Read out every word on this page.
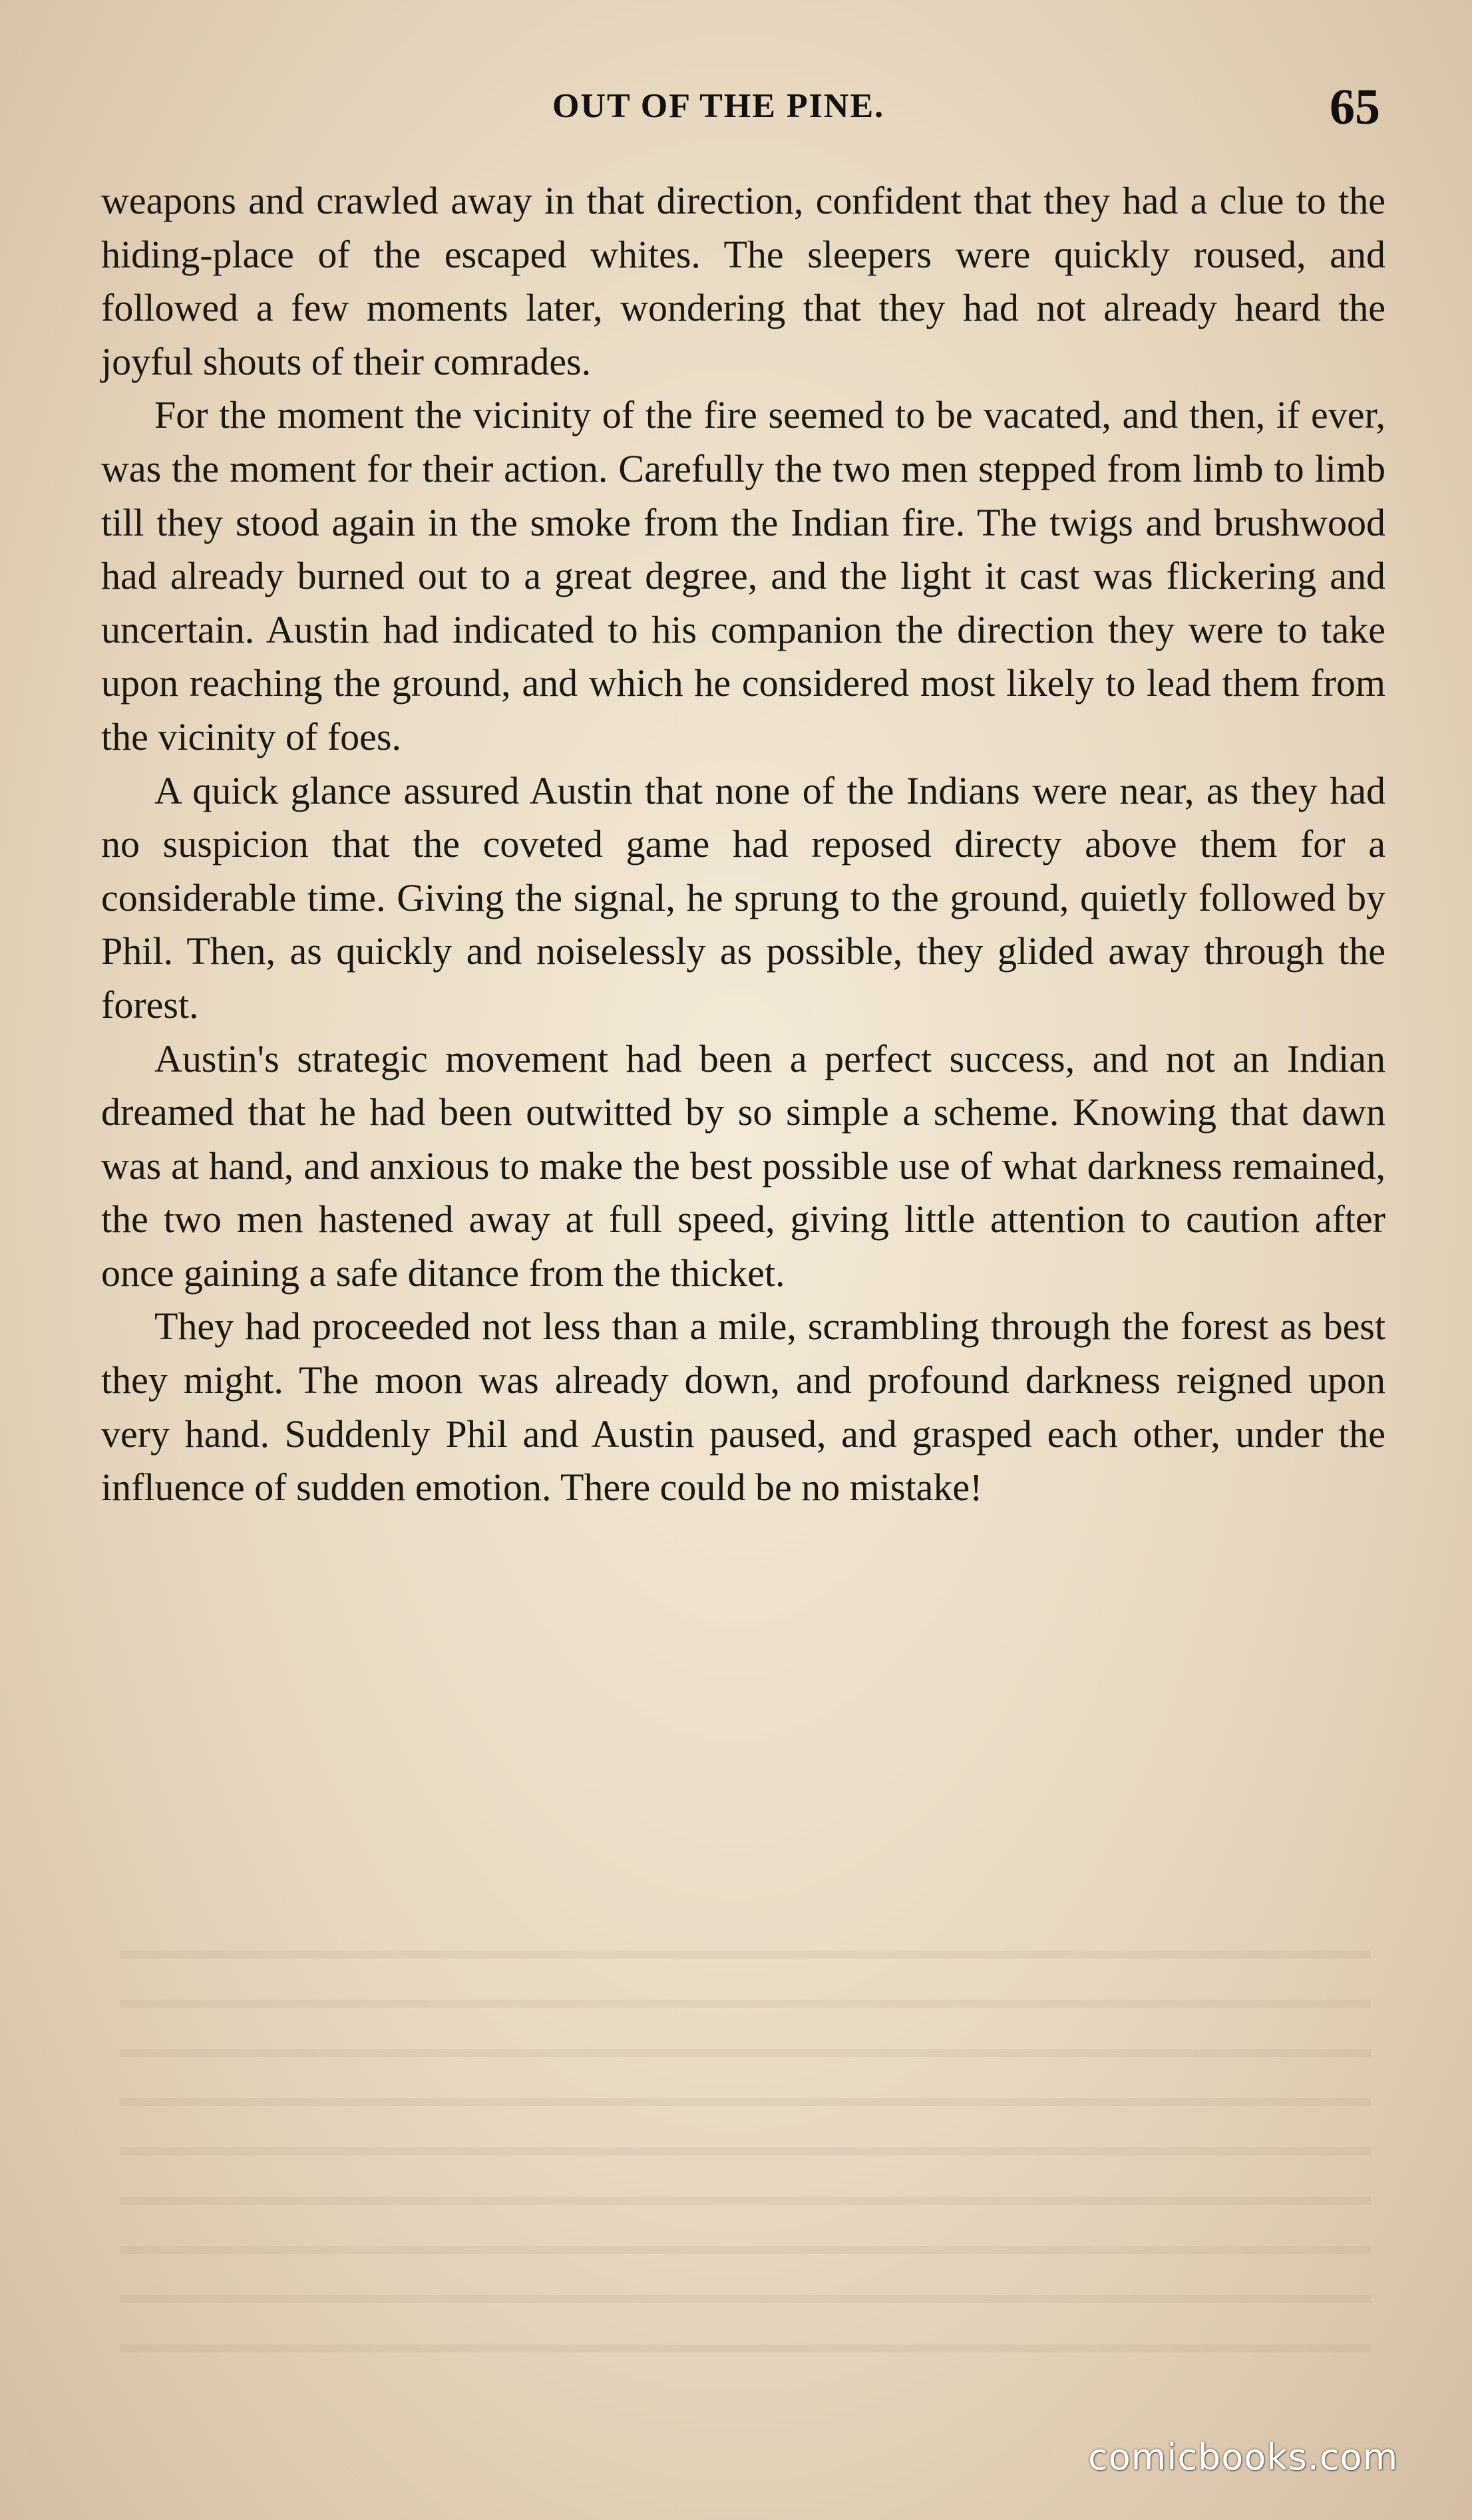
OUT OF THE PINE.	65

weapons and crawled away in that direction, confident that they had a clue to the hiding-place of the escaped whites. The sleepers were quickly roused, and followed a few moments later, wondering that they had not already heard the joyful shouts of their comrades.

For the moment the vicinity of the fire seemed to be vacated, and then, if ever, was the moment for their action. Carefully the two men stepped from limb to limb till they stood again in the smoke from the Indian fire. The twigs and brushwood had already burned out to a great degree, and the light it cast was flickering and uncertain. Austin had indicated to his companion the direction they were to take upon reaching the ground, and which he considered most likely to lead them from the vicinity of foes.

A quick glance assured Austin that none of the Indians were near, as they had no suspicion that the coveted game had reposed directy above them for a considerable time. Giving the signal, he sprung to the ground, quietly followed by Phil. Then, as quickly and noiselessly as possible, they glided away through the forest.

Austin's strategic movement had been a perfect success, and not an Indian dreamed that he had been outwitted by so simple a scheme. Knowing that dawn was at hand, and anxious to make the best possible use of what darkness remained, the two men hastened away at full speed, giving little attention to caution after once gaining a safe ditance from the thicket.

They had proceeded not less than a mile, scrambling through the forest as best they might. The moon was already down, and profound darkness reigned upon very hand. Suddenly Phil and Austin paused, and grasped each other, under the influence of sudden emotion. There could be no mistake!

comicbooks.com
